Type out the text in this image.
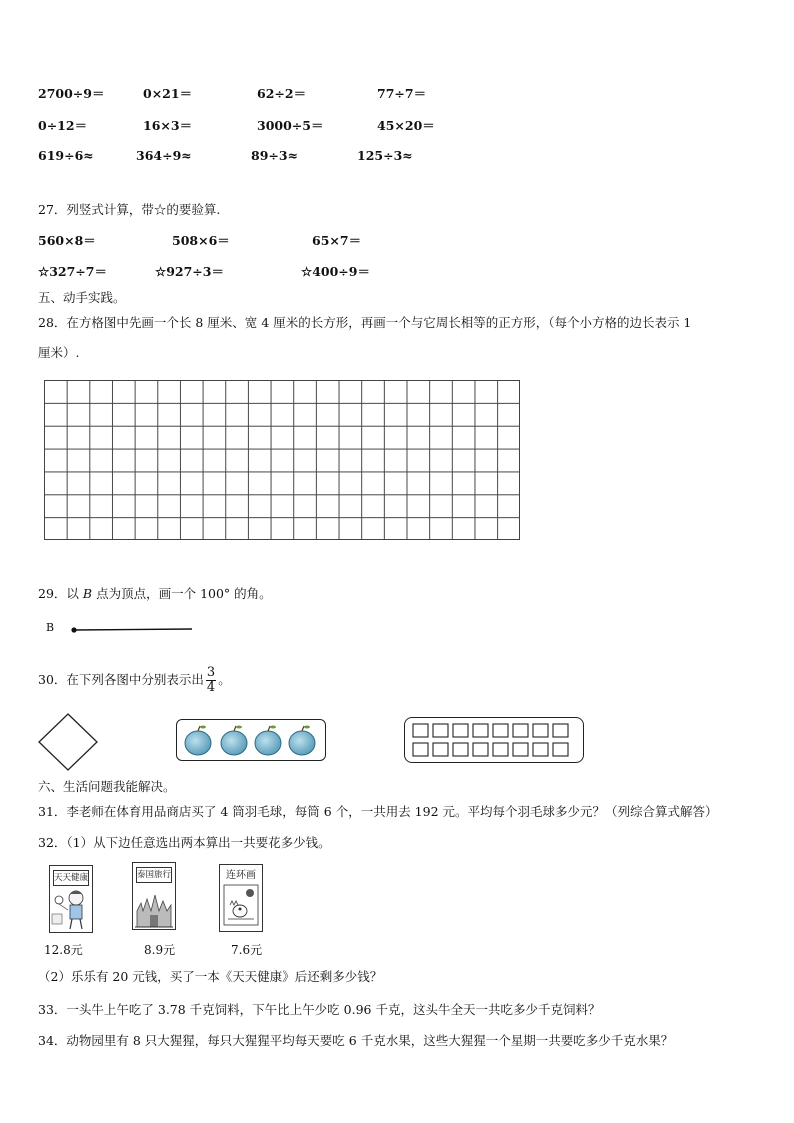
2700÷9＝	0×21＝	62÷2＝	77÷7＝
0÷12＝	16×3＝	3000÷5＝	45×20＝
619÷6≈	364÷9≈	89÷3≈	125÷3≈
27．列竖式计算，带☆的要验算.
560×8＝	508×6＝	65×7＝
☆327÷7＝	☆927÷3＝	☆400÷9＝
五、动手实践。
28．在方格图中先画一个长 8 厘米、宽 4 厘米的长方形，再画一个与它周长相等的正方形，（每个小方格的边长表示 1
厘米）.
29．以 B 点为顶点，画一个 100° 的角。
B
30．在下列各图中分别表示出 $\frac{3}{4}$ 。
六、生活问题我能解决。
31．李老师在体育用品商店买了 4 筒羽毛球，每筒 6 个，一共用去 192 元。平均每个羽毛球多少元？（列综合算式解答）
32．（1）从下边任意选出两本算出一共要花多少钱。
天天健康
12.8元
泰国旅行
8.9元
连环画
7.6元
（2）乐乐有 20 元钱，买了一本《天天健康》后还剩多少钱？
33．一头牛上午吃了 3.78 千克饲料，下午比上午少吃 0.96 千克，这头牛全天一共吃多少千克饲料？
34．动物园里有 8 只大猩猩，每只大猩猩平均每天要吃 6 千克水果，这些大猩猩一个星期一共要吃多少千克水果？
